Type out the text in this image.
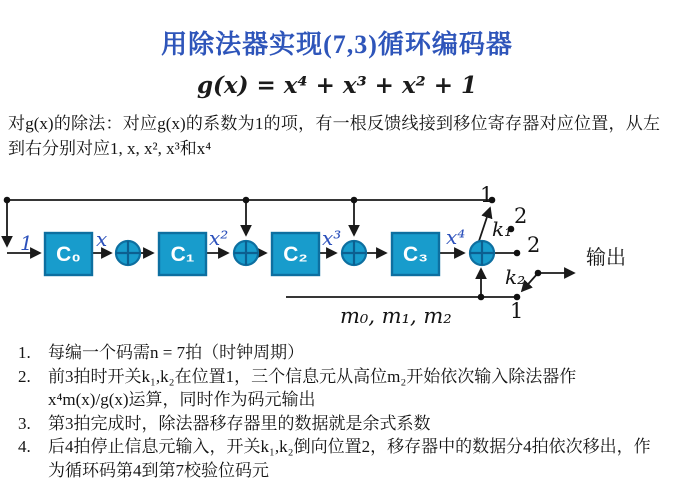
用除法器实现(7,3)循环编码器
g(x) = x⁴ + x³ + x² + 1

对g(x)的除法：对应g(x)的系数为1的项，有一根反馈线接到移位寄存器对应位置，从左到右分别对应1, x, x², x³和x⁴

C₀	C₁	C₂	C₃
1	x	x²	x³	x⁴ k₁
1
2
k₂
1
2
输出
m₀, m₁, m₂
1.	每编一个码需n = 7拍（时钟周期）
2.	前3拍时开关k₁,k₂在位置1，三个信息元从高位m₂开始依次输入除法器作x⁴m(x)/g(x)运算，同时作为码元输出
3.	第3拍完成时，除法器移存器里的数据就是余式系数
4.	后4拍停止信息元输入，开关k₁,k₂倒向位置2，移存器中的数据分4拍依次移出，作为循环码第4到第7校验位码元
